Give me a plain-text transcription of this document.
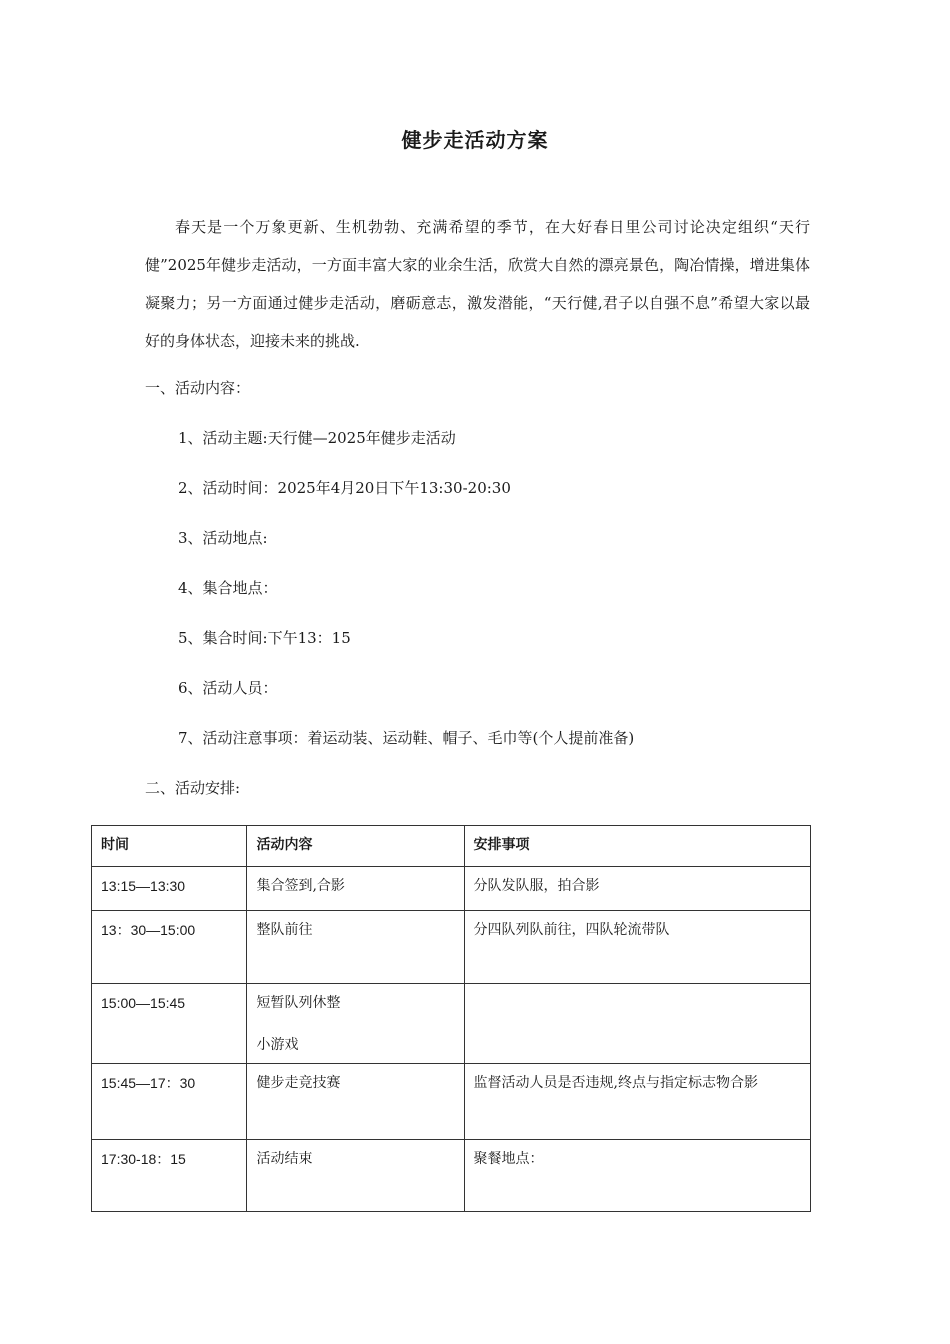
健步走活动方案

春天是一个万象更新、生机勃勃、充满希望的季节，在大好春日里公司讨论决定组织“天行健”2025年健步走活动，一方面丰富大家的业余生活，欣赏大自然的漂亮景色，陶冶情操，增进集体凝聚力；另一方面通过健步走活动，磨砺意志，激发潜能，“天行健,君子以自强不息”希望大家以最好的身体状态，迎接未来的挑战.

一、活动内容：
1、活动主题:天行健—2025年健步走活动
2、活动时间：2025年4月20日下午13:30-20:30
3、活动地点:
4、集合地点：
5、集合时间:下午13：15
6、活动人员：
7、活动注意事项：着运动装、运动鞋、帽子、毛巾等(个人提前准备)
二、活动安排:
时间	活动内容	安排事项
13:15—13:30	集合签到,合影	分队发队服，拍合影
13：30—15:00	整队前往	分四队列队前往，四队轮流带队
15:00—15:45	短暂队列休整
小游戏	

15:45—17：30	健步走竞技赛	监督活动人员是否违规,终点与指定标志物合影
17:30-18：15	活动结束	聚餐地点：
